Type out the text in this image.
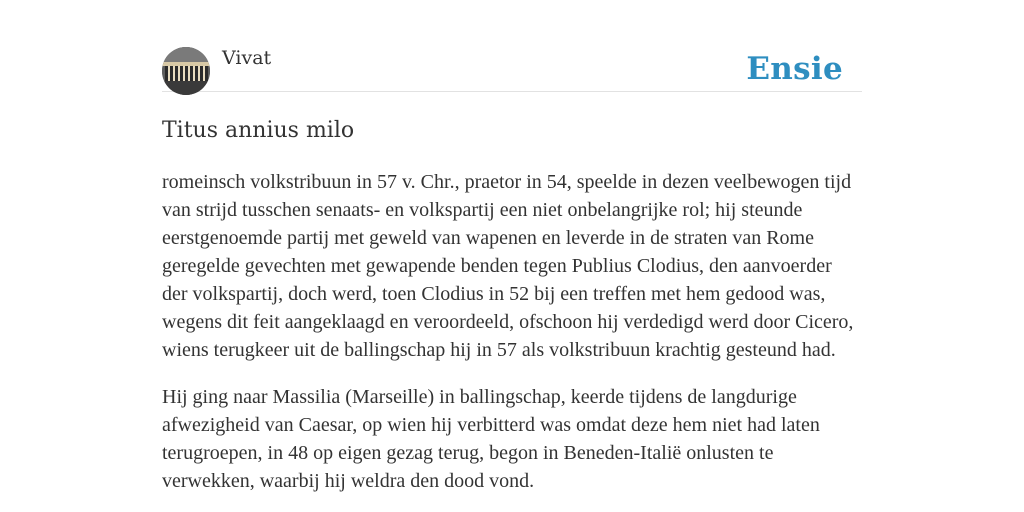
Vivat	Ensie
Titus annius milo

romeinsch volkstribuun in 57 v. Chr., praetor in 54, speelde in dezen veelbewogen tijd van strijd tusschen senaats- en volkspartij een niet onbelangrijke rol; hij steunde eerstgenoemde partij met geweld van wapenen en leverde in de straten van Rome geregelde gevechten met gewapende benden tegen Publius Clodius, den aanvoerder der volkspartij, doch werd, toen Clodius in 52 bij een treffen met hem gedood was, wegens dit feit aangeklaagd en veroordeeld, ofschoon hij verdedigd werd door Cicero, wiens terugkeer uit de ballingschap hij in 57 als volkstribuun krachtig gesteund had.

Hij ging naar Massilia (Marseille) in ballingschap, keerde tijdens de langdurige afwezigheid van Caesar, op wien hij verbitterd was omdat deze hem niet had laten terugroepen, in 48 op eigen gezag terug, begon in Beneden-Italië onlusten te verwekken, waarbij hij weldra den dood vond.
